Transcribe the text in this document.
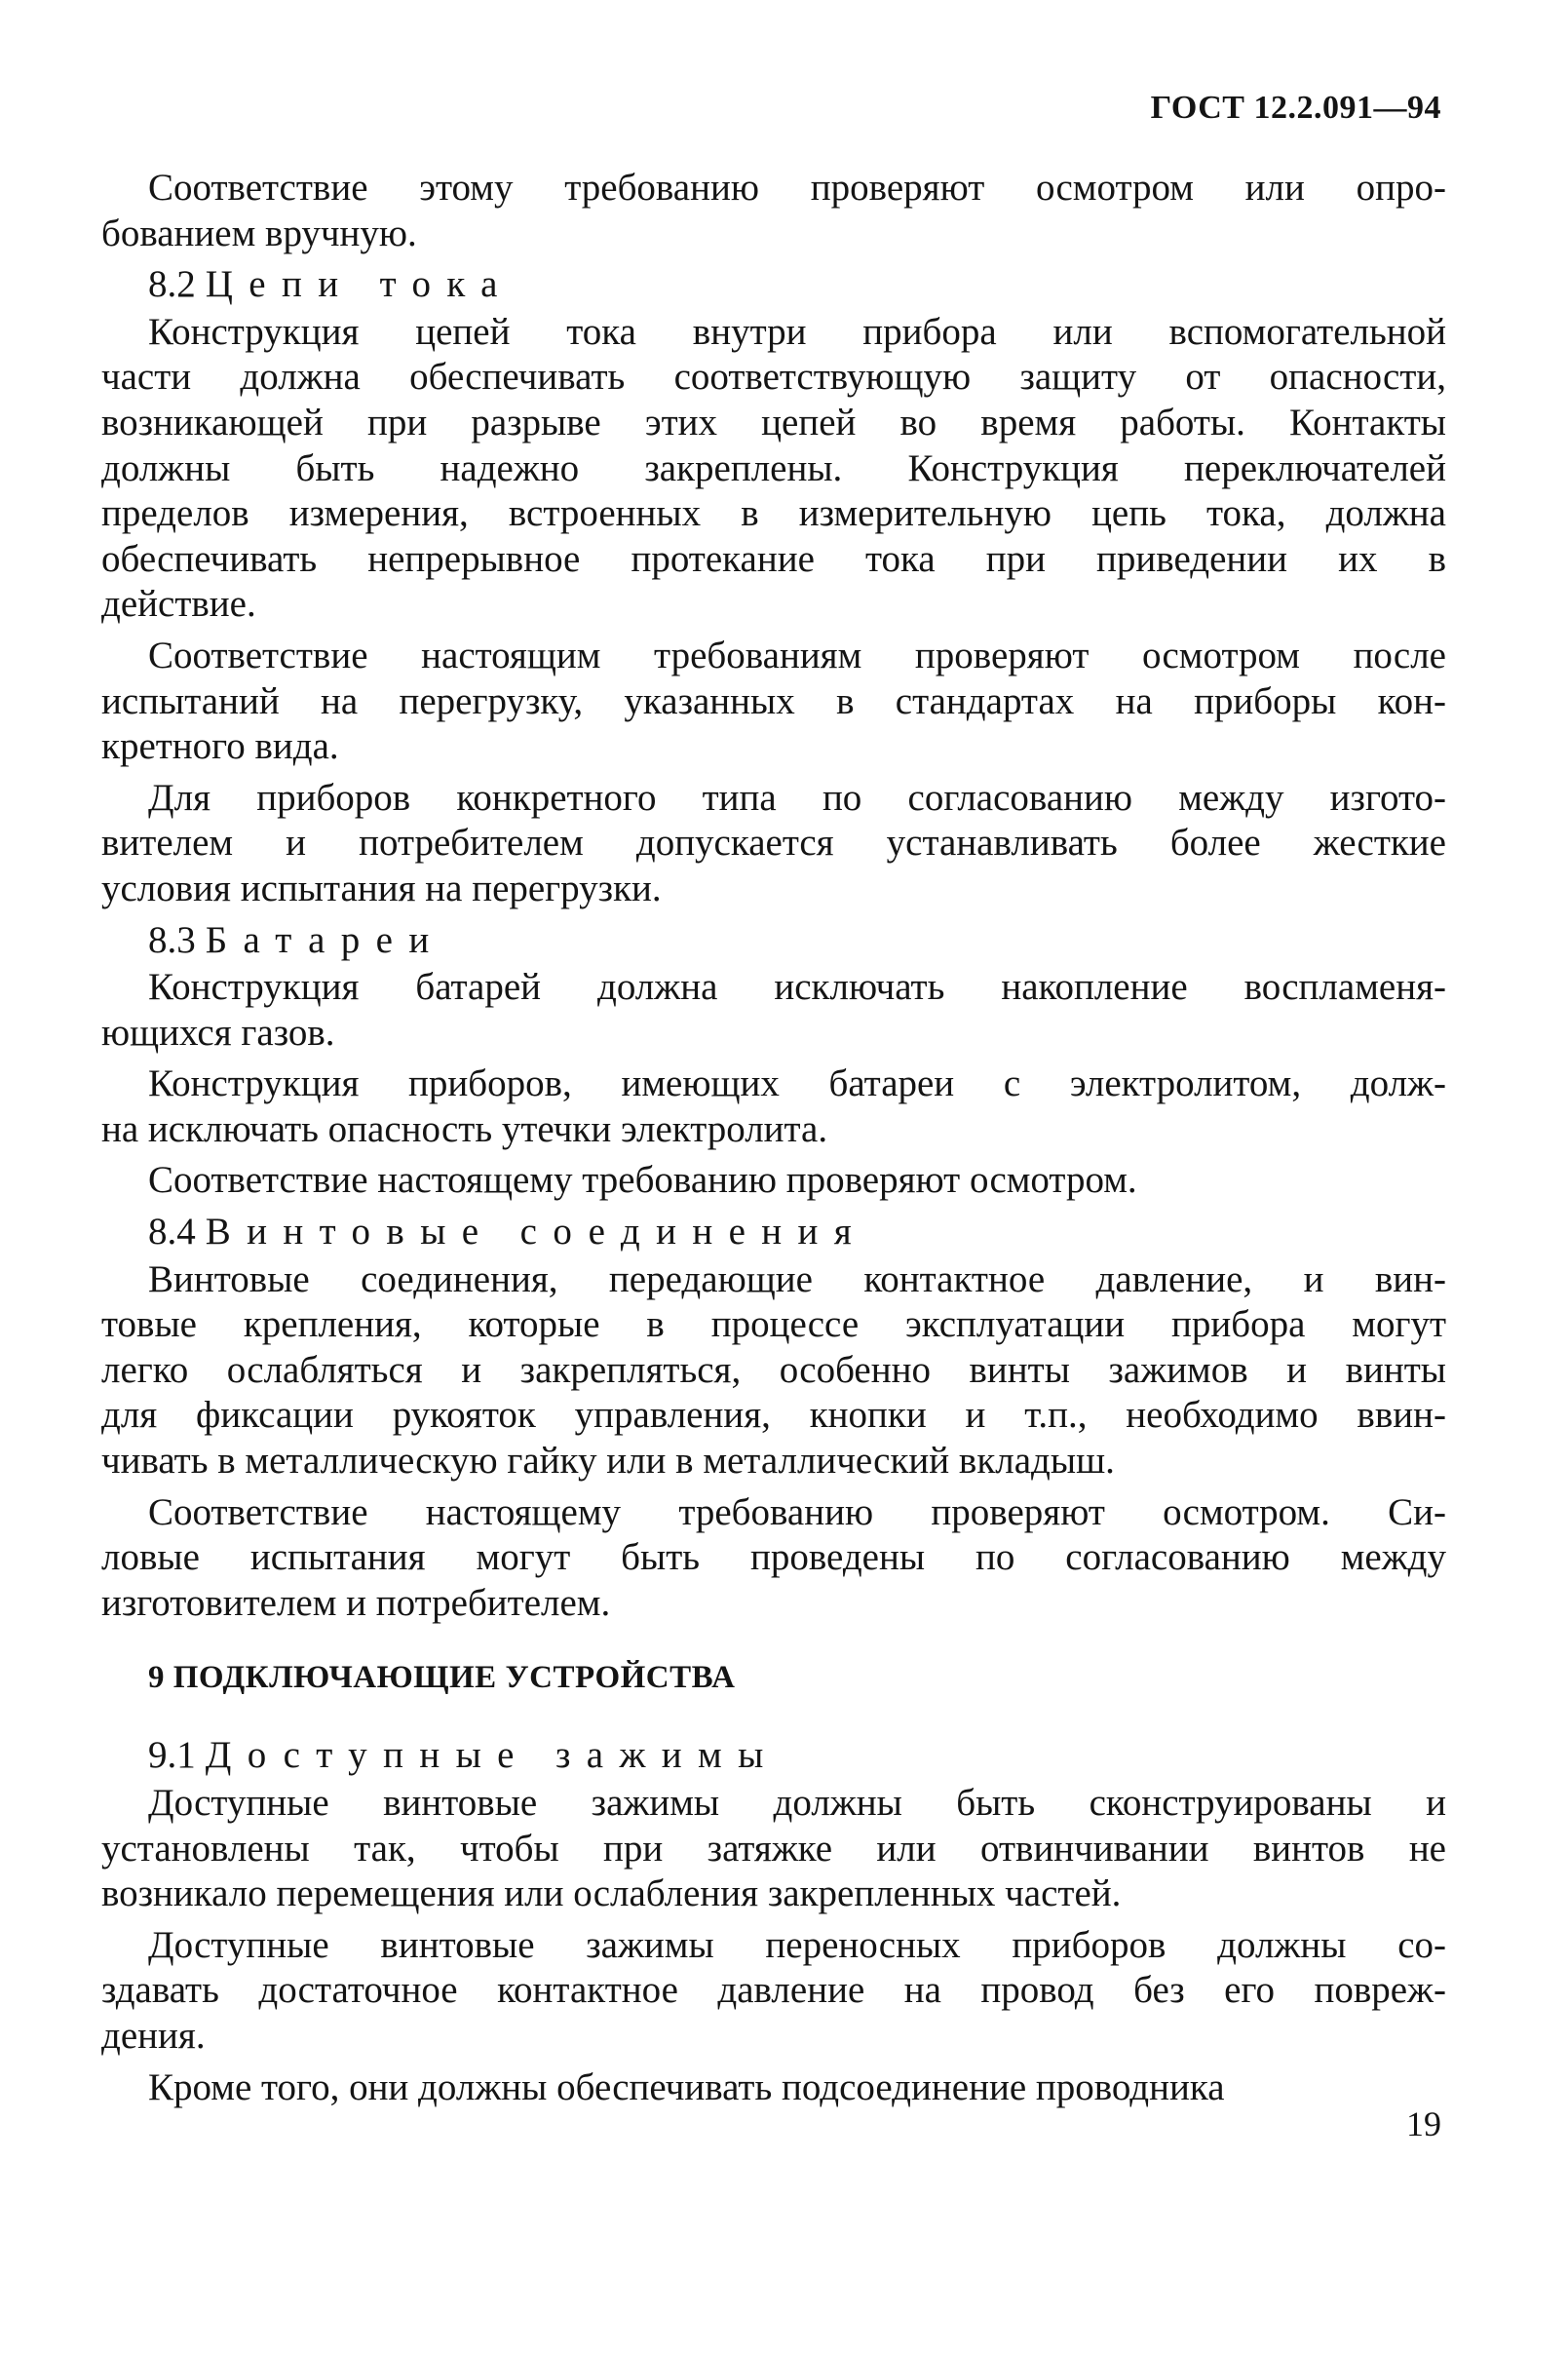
ГОСТ 12.2.091—94
Соответствие этому требованию проверяют осмотром или опро-
бованием вручную.
8.2 Цепи тока
Конструкция цепей тока внутри прибора или вспомогательной
части должна обеспечивать соответствующую защиту от опасности,
возникающей при разрыве этих цепей во время работы. Контакты
должны быть надежно закреплены. Конструкция переключателей
пределов измерения, встроенных в измерительную цепь тока, должна
обеспечивать непрерывное протекание тока при приведении их в
действие.
Соответствие настоящим требованиям проверяют осмотром после
испытаний на перегрузку, указанных в стандартах на приборы кон-
кретного вида.
Для приборов конкретного типа по согласованию между изгото-
вителем и потребителем допускается устанавливать более жесткие
условия испытания на перегрузки.
8.3 Батареи
Конструкция батарей должна исключать накопление воспламеня-
ющихся газов.
Конструкция приборов, имеющих батареи с электролитом, долж-
на исключать опасность утечки электролита.
Соответствие настоящему требованию проверяют осмотром.
8.4 Винтовые соединения
Винтовые соединения, передающие контактное давление, и вин-
товые крепления, которые в процессе эксплуатации прибора могут
легко ослабляться и закрепляться, особенно винты зажимов и винты
для фиксации рукояток управления, кнопки и т.п., необходимо ввин-
чивать в металлическую гайку или в металлический вкладыш.
Соответствие настоящему требованию проверяют осмотром. Си-
ловые испытания могут быть проведены по согласованию между
изготовителем и потребителем.
9 ПОДКЛЮЧАЮЩИЕ УСТРОЙСТВА
9.1 Доступные зажимы
Доступные винтовые зажимы должны быть сконструированы и
установлены так, чтобы при затяжке или отвинчивании винтов не
возникало перемещения или ослабления закрепленных частей.
Доступные винтовые зажимы переносных приборов должны со-
здавать достаточное контактное давление на провод без его повреж-
дения.
Кроме того, они должны обеспечивать подсоединение проводника
19
